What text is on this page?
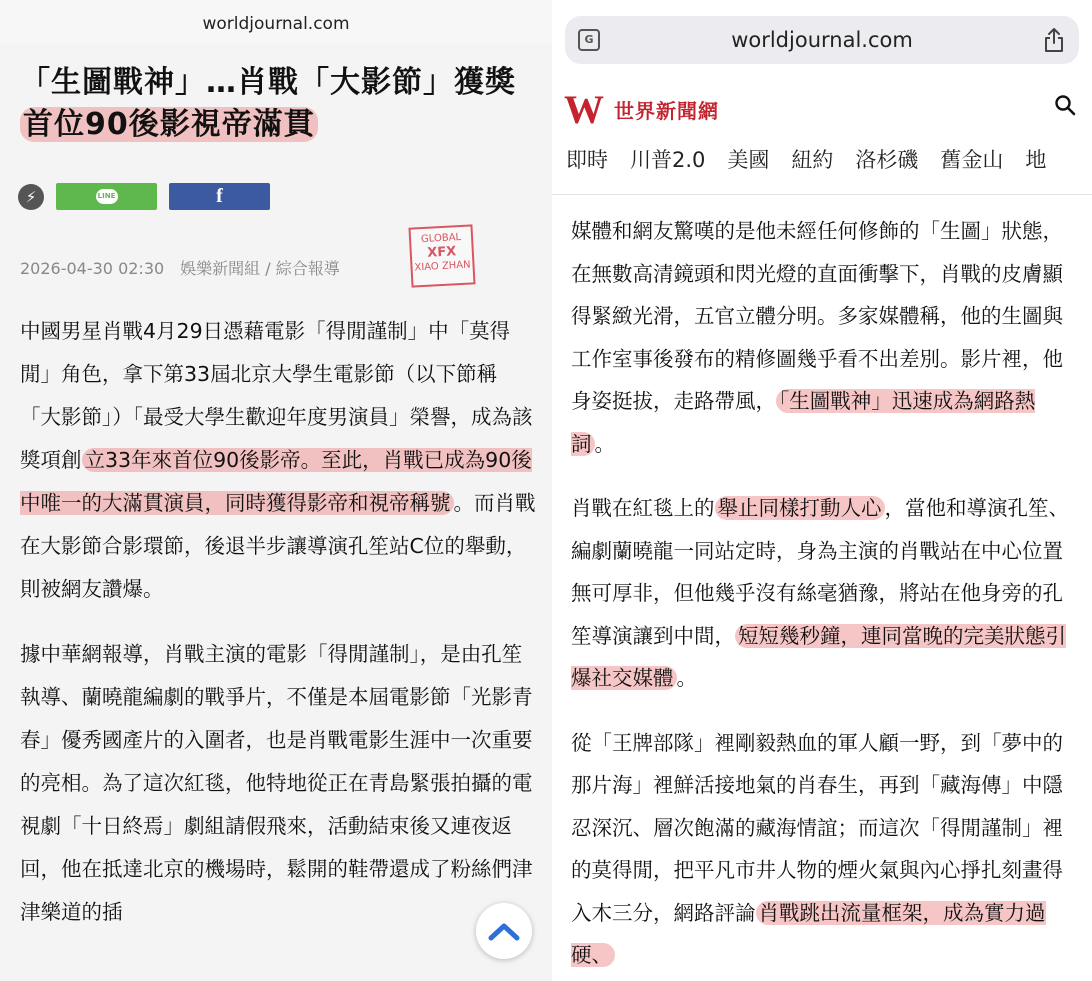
worldjournal.com
「生圖戰神」…肖戰「大影節」獲獎 首位90後影視帝滿貫
⚡	LINE	f
2026-04-30 02:30　娛樂新聞組 / 綜合報導
GLOBAL
XFX
XIAO ZHAN

中國男星肖戰4月29日憑藉電影「得閒謹制」中「莫得閒」角色，拿下第33屆北京大學生電影節（以下節稱「大影節」）「最受大學生歡迎年度男演員」榮譽，成為該獎項創 立33年來首位90後影帝。至此，肖戰已成為90後中唯一的大滿貫演員，同時獲得影帝和視帝稱號 。而肖戰在大影節合影環節，後退半步讓導演孔笙站C位的舉動，則被網友讚爆。

據中華網報導，肖戰主演的電影「得閒謹制」，是由孔笙執導、蘭曉龍編劇的戰爭片，不僅是本屆電影節「光影青春」優秀國產片的入圍者，也是肖戰電影生涯中一次重要的亮相。為了這次紅毯，他特地從正在青島緊張拍攝的電視劇「十日終焉」劇組請假飛來，活動結束後又連夜返回，他在抵達北京的機場時，鬆開的鞋帶還成了粉絲們津津樂道的插

G	worldjournal.com
W 世界新聞網
即時 川普2.0 美國 紐約 洛杉磯 舊金山 地

媒體和網友驚嘆的是他未經任何修飾的「生圖」狀態，在無數高清鏡頭和閃光燈的直面衝擊下，肖戰的皮膚顯得緊緻光滑，五官立體分明。多家媒體稱，他的生圖與工作室事後發布的精修圖幾乎看不出差別。影片裡，他身姿挺拔，走路帶風， 「生圖戰神」迅速成為網路熱詞 。

肖戰在紅毯上的 舉止同樣打動人心 ，當他和導演孔笙、編劇蘭曉龍一同站定時，身為主演的肖戰站在中心位置無可厚非，但他幾乎沒有絲毫猶豫，將站在他身旁的孔笙導演讓到中間， 短短幾秒鐘，連同當晚的完美狀態引爆社交媒體 。

從「王牌部隊」裡剛毅熱血的軍人顧一野，到「夢中的那片海」裡鮮活接地氣的肖春生，再到「藏海傳」中隱忍深沉、層次飽滿的藏海情誼；而這次「得閒謹制」裡的莫得閒，把平凡市井人物的煙火氣與內心掙扎刻畫得入木三分，網路評論 肖戰跳出流量框架，成為實力過硬、
